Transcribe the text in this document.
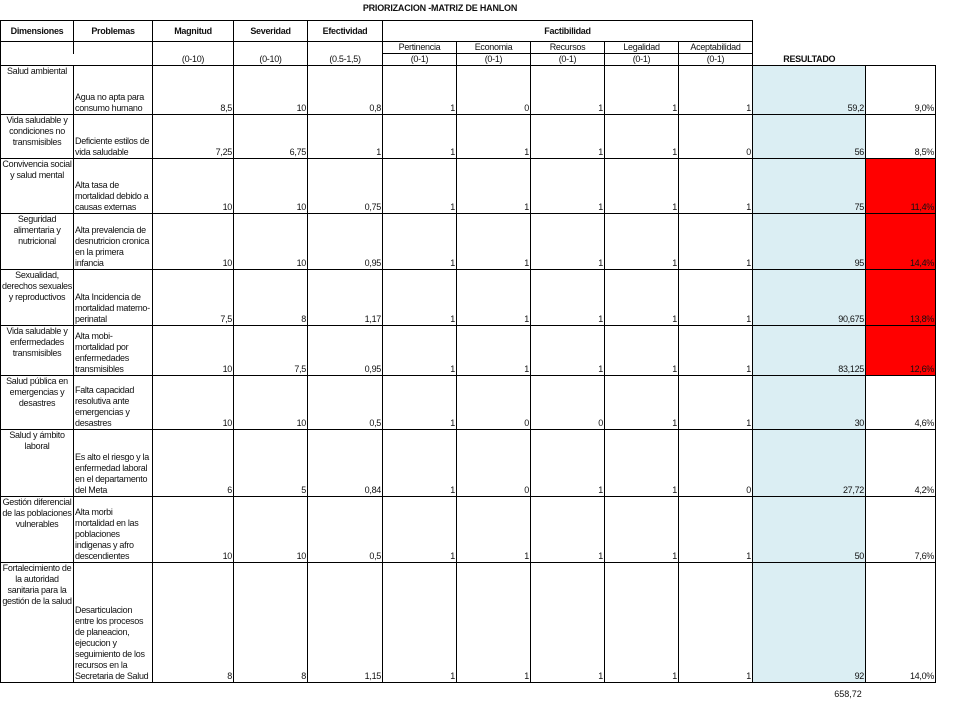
PRIORIZACION -MATRIZ DE HANLON
Dimensiones	Problemas	Magnitud	Severidad	Efectividad	Factibilidad						
					Pertinencia	Economia	Recursos	Legalidad	Aceptabilidad		
		(0-10)	(0-10)	(0.5-1,5)	(0-1)	(0-1)	(0-1)	(0-1)	(0-1)	RESULTADO	
Salud ambiental	Agua no apta para consumo humano	8,5	10	0,8	1	0	1	1	1	59,2	9,0%
Vida saludable y condiciones no transmisibles	Deficiente estilos de vida saludable	7,25	6,75	1	1	1	1	1	0	56	8,5%
Convivencia social y salud mental	Alta tasa de mortalidad debido a causas externas	10	10	0,75	1	1	1	1	1	75	11,4%
Seguridad alimentaria y nutricional	Alta prevalencia de desnutricion cronica en la primera infancia	10	10	0,95	1	1	1	1	1	95	14,4%
Sexualidad, derechos sexuales y reproductivos	Alta Incidencia de mortalidad materno-perinatal	7,5	8	1,17	1	1	1	1	1	90,675	13,8%
Vida saludable y enfermedades transmisibles	Alta mobi-mortalidad por enfermedades transmisibles	10	7,5	0,95	1	1	1	1	1	83,125	12,6%
Salud pública en emergencias y desastres	Falta capacidad resolutiva ante emergencias y desastres	10	10	0,5	1	0	0	1	1	30	4,6%
Salud y ámbito laboral	Es alto el riesgo y la enfermedad laboral en el departamento del Meta	6	5	0,84	1	0	1	1	0	27,72	4,2%
Gestión diferencial de las poblaciones vulnerables	Alta morbi mortalidad en las poblaciones indigenas y afro descendientes	10	10	0,5	1	1	1	1	1	50	7,6%
Fortalecimiento de la autoridad sanitaria para la gestión de la salud	Desarticulacion entre los procesos de planeacion, ejecucion y seguimiento de los recursos en la Secretaria de Salud	8	8	1,15	1	1	1	1	1	92	14,0%
658,72
